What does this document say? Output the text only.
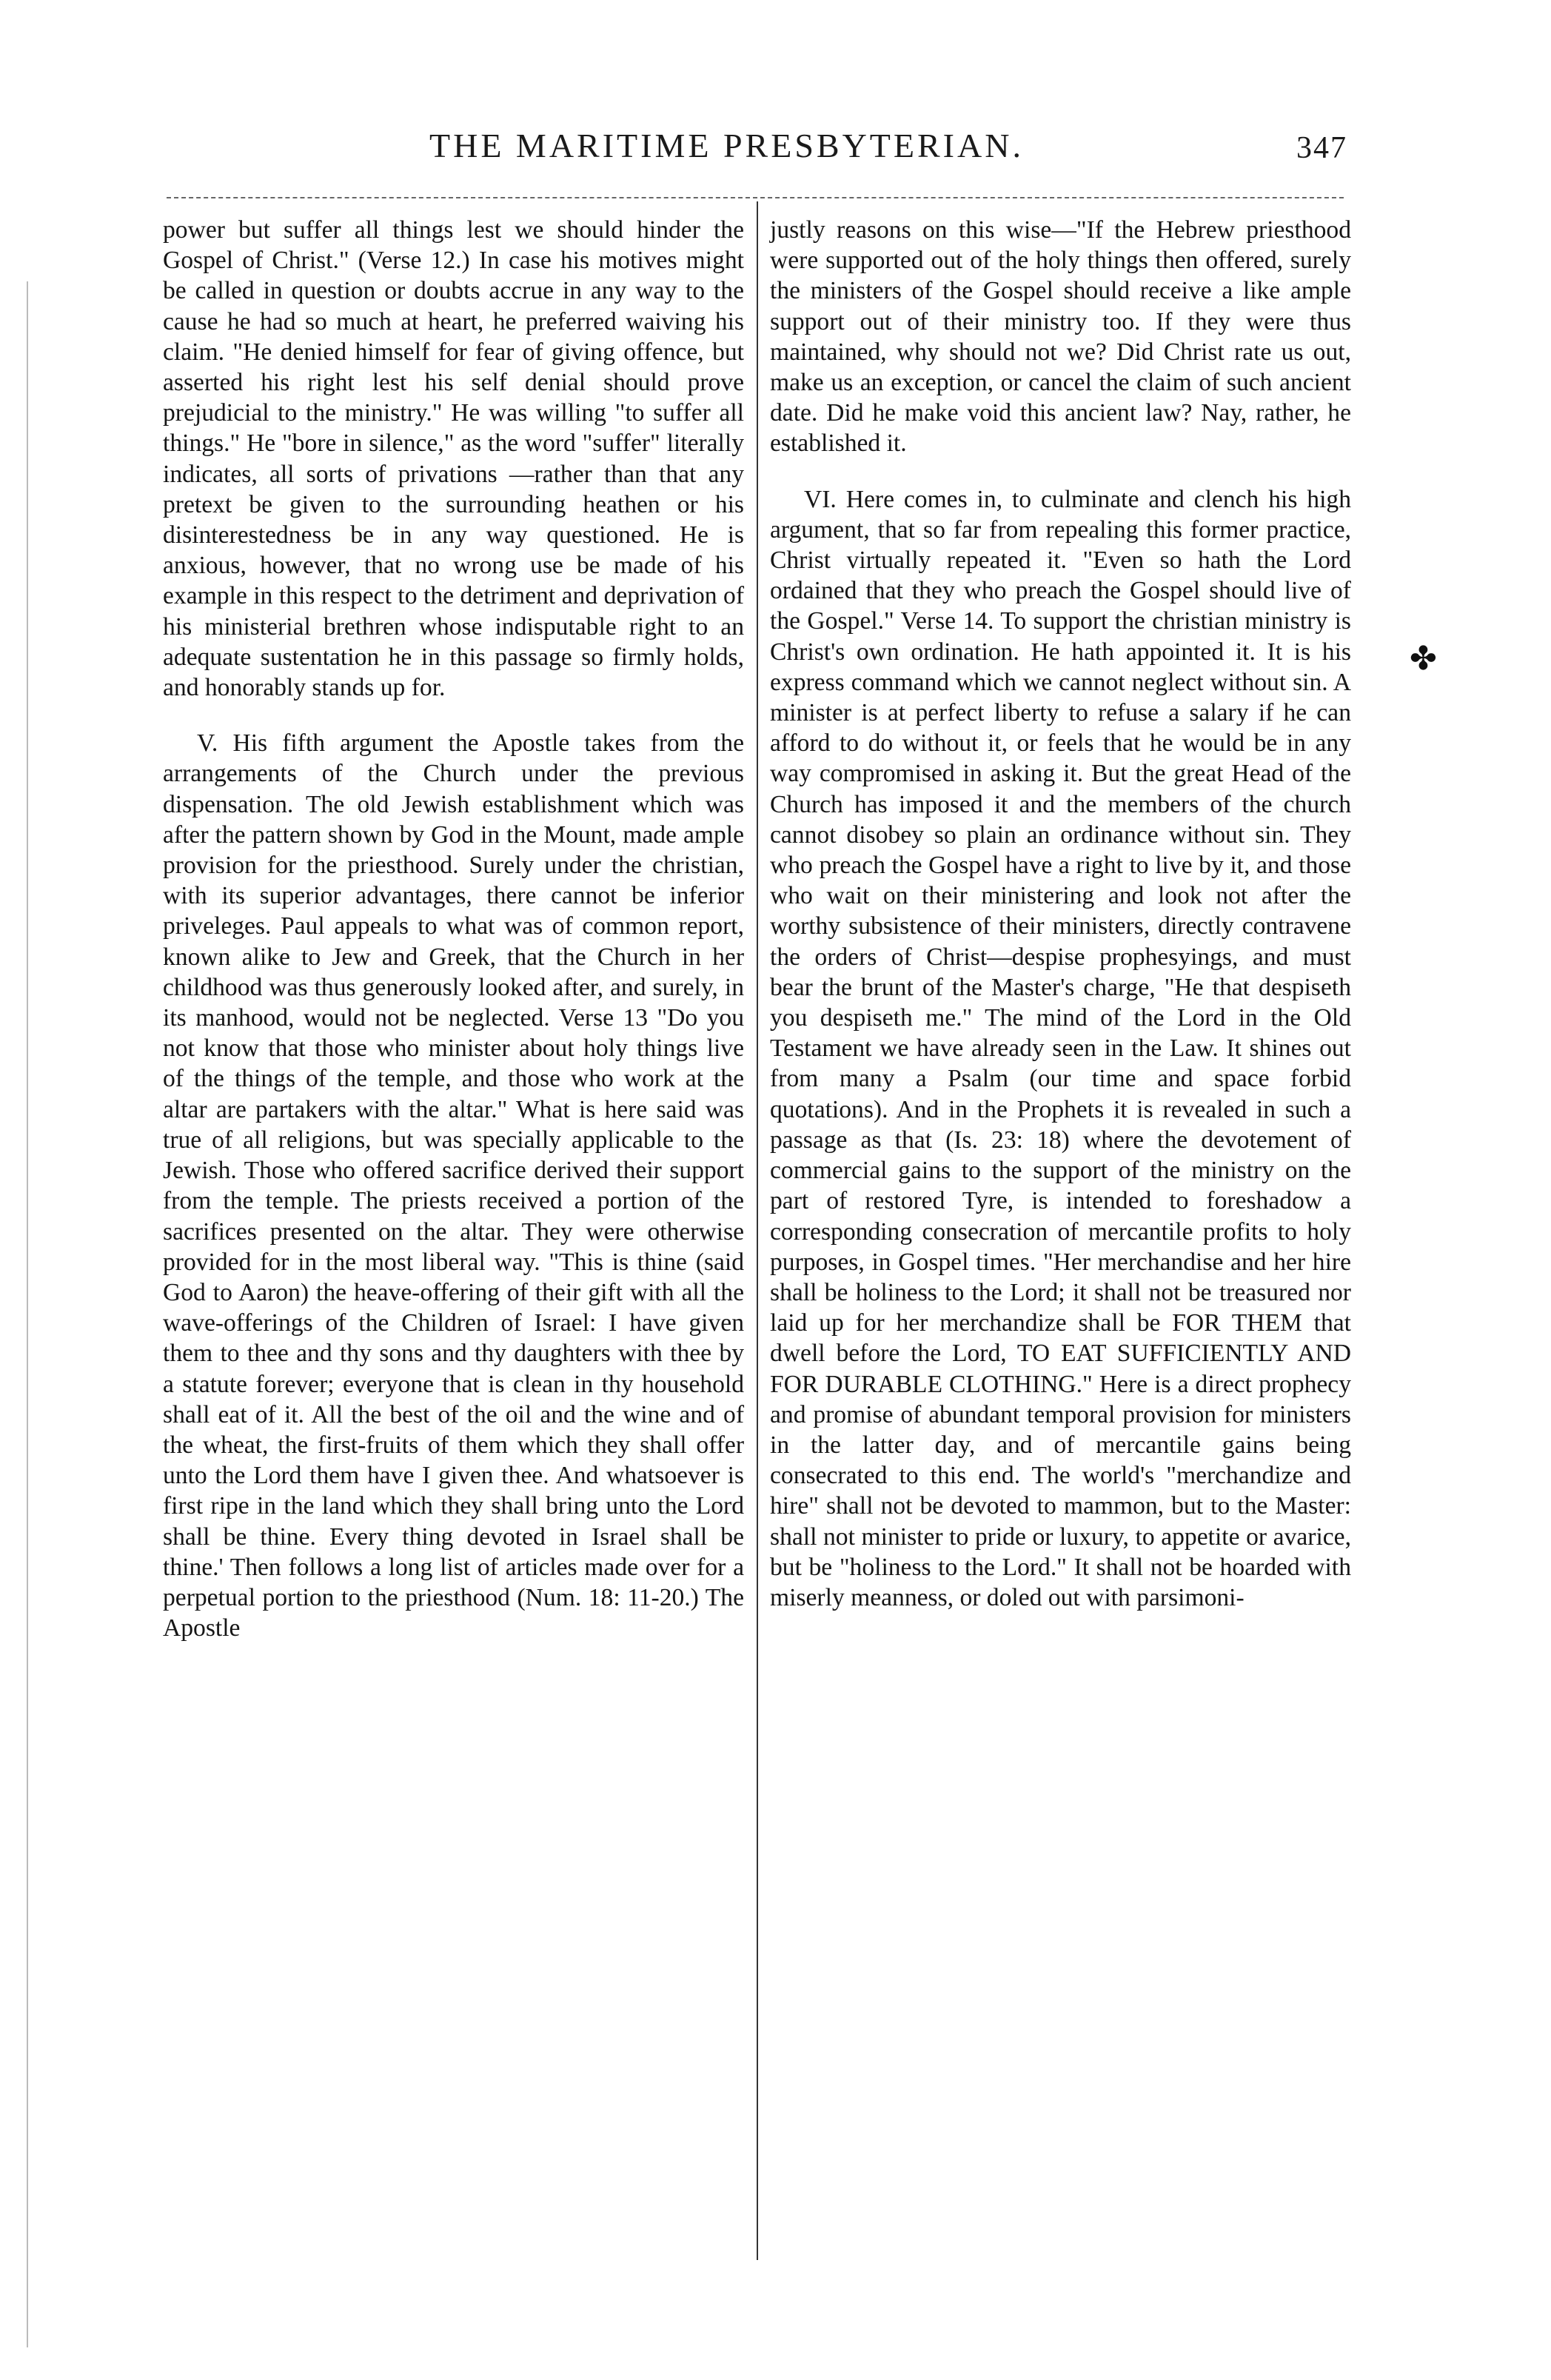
THE MARITIME PRESBYTERIAN.	347

power but suffer all things lest we should hinder the Gospel of Christ." (Verse 12.) In case his motives might be called in question or doubts accrue in any way to the cause he had so much at heart, he preferred waiving his claim. "He denied himself for fear of giving offence, but asserted his right lest his self denial should prove prejudicial to the ministry." He was willing "to suffer all things." He "bore in silence," as the word "suffer" literally indicates, all sorts of privations —rather than that any pretext be given to the surrounding heathen or his disinterestedness be in any way questioned. He is anxious, however, that no wrong use be made of his example in this respect to the detriment and deprivation of his ministerial brethren whose indisputable right to an adequate sustentation he in this passage so firmly holds, and honorably stands up for.

V. His fifth argument the Apostle takes from the arrangements of the Church under the previous dispensation. The old Jewish establishment which was after the pattern shown by God in the Mount, made ample provision for the priesthood. Surely under the christian, with its superior advantages, there cannot be inferior priveleges. Paul appeals to what was of common report, known alike to Jew and Greek, that the Church in her childhood was thus generously looked after, and surely, in its manhood, would not be neglected. Verse 13 "Do you not know that those who minister about holy things live of the things of the temple, and those who work at the altar are partakers with the altar." What is here said was true of all religions, but was specially applicable to the Jewish. Those who offered sacrifice derived their support from the temple. The priests received a portion of the sacrifices presented on the altar. They were otherwise provided for in the most liberal way. "This is thine (said God to Aaron) the heave-offering of their gift with all the wave-offerings of the Children of Israel: I have given them to thee and thy sons and thy daughters with thee by a statute forever; everyone that is clean in thy household shall eat of it. All the best of the oil and the wine and of the wheat, the first-fruits of them which they shall offer unto the Lord them have I given thee. And whatsoever is first ripe in the land which they shall bring unto the Lord shall be thine. Every thing devoted in Israel shall be thine.' Then follows a long list of articles made over for a perpetual portion to the priesthood (Num. 18: 11-20.) The Apostle

justly reasons on this wise—"If the Hebrew priesthood were supported out of the holy things then offered, surely the ministers of the Gospel should receive a like ample support out of their ministry too. If they were thus maintained, why should not we? Did Christ rate us out, make us an exception, or cancel the claim of such ancient date. Did he make void this ancient law? Nay, rather, he established it.

VI. Here comes in, to culminate and clench his high argument, that so far from repealing this former practice, Christ virtually repeated it. "Even so hath the Lord ordained that they who preach the Gospel should live of the Gospel." Verse 14. To support the christian ministry is Christ's own ordination. He hath appointed it. It is his express command which we cannot neglect without sin. A minister is at perfect liberty to refuse a salary if he can afford to do without it, or feels that he would be in any way compromised in asking it. But the great Head of the Church has imposed it and the members of the church cannot disobey so plain an ordinance without sin. They who preach the Gospel have a right to live by it, and those who wait on their ministering and look not after the worthy subsistence of their ministers, directly contravene the orders of Christ—despise prophesyings, and must bear the brunt of the Master's charge, "He that despiseth you despiseth me." The mind of the Lord in the Old Testament we have already seen in the Law. It shines out from many a Psalm (our time and space forbid quotations). And in the Prophets it is revealed in such a passage as that (Is. 23: 18) where the devotement of commercial gains to the support of the ministry on the part of restored Tyre, is intended to foreshadow a corresponding consecration of mercantile profits to holy purposes, in Gospel times. "Her merchandise and her hire shall be holiness to the Lord; it shall not be treasured nor laid up for her merchandize shall be FOR THEM that dwell before the Lord, TO EAT SUFFICIENTLY AND FOR DURABLE CLOTHING." Here is a direct prophecy and promise of abundant temporal provision for ministers in the latter day, and of mercantile gains being consecrated to this end. The world's "merchandize and hire" shall not be devoted to mammon, but to the Master: shall not minister to pride or luxury, to appetite or avarice, but be "holiness to the Lord." It shall not be hoarded with miserly meanness, or doled out with parsimoni-

✤
